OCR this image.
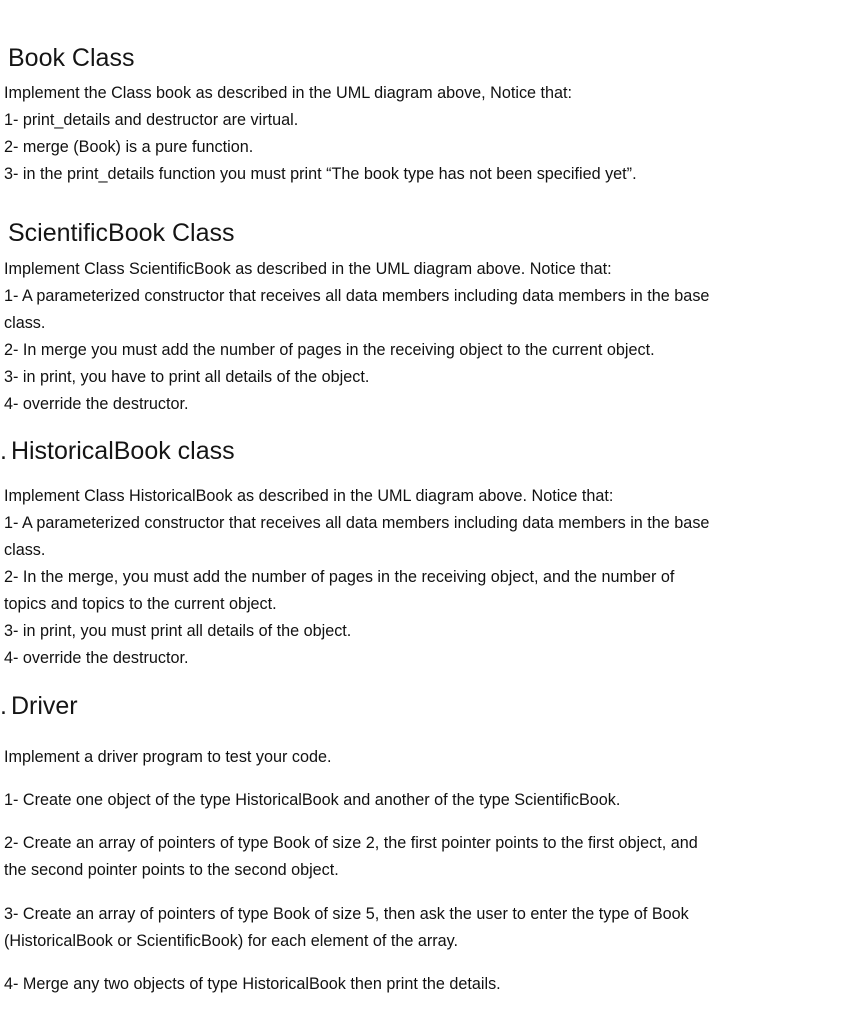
Book Class
Implement the Class book as described in the UML diagram above, Notice that:
1- print_details and destructor are virtual.
2- merge (Book) is a pure function.
3- in the print_details function you must print “The book type has not been specified yet”.
ScientificBook Class
Implement Class ScientificBook as described in the UML diagram above. Notice that:
1- A parameterized constructor that receives all data members including data members in the base
class.
2- In merge you must add the number of pages in the receiving object to the current object.
3- in print, you have to print all details of the object.
4- override the destructor.
. HistoricalBook class
Implement Class HistoricalBook as described in the UML diagram above. Notice that:
1- A parameterized constructor that receives all data members including data members in the base
class.
2- In the merge, you must add the number of pages in the receiving object, and the number of
topics and topics to the current object.
3- in print, you must print all details of the object.
4- override the destructor.
. Driver
Implement a driver program to test your code.
1- Create one object of the type HistoricalBook and another of the type ScientificBook.
2- Create an array of pointers of type Book of size 2, the first pointer points to the first object, and
the second pointer points to the second object.
3- Create an array of pointers of type Book of size 5, then ask the user to enter the type of Book
(HistoricalBook or ScientificBook) for each element of the array.
4- Merge any two objects of type HistoricalBook then print the details.
